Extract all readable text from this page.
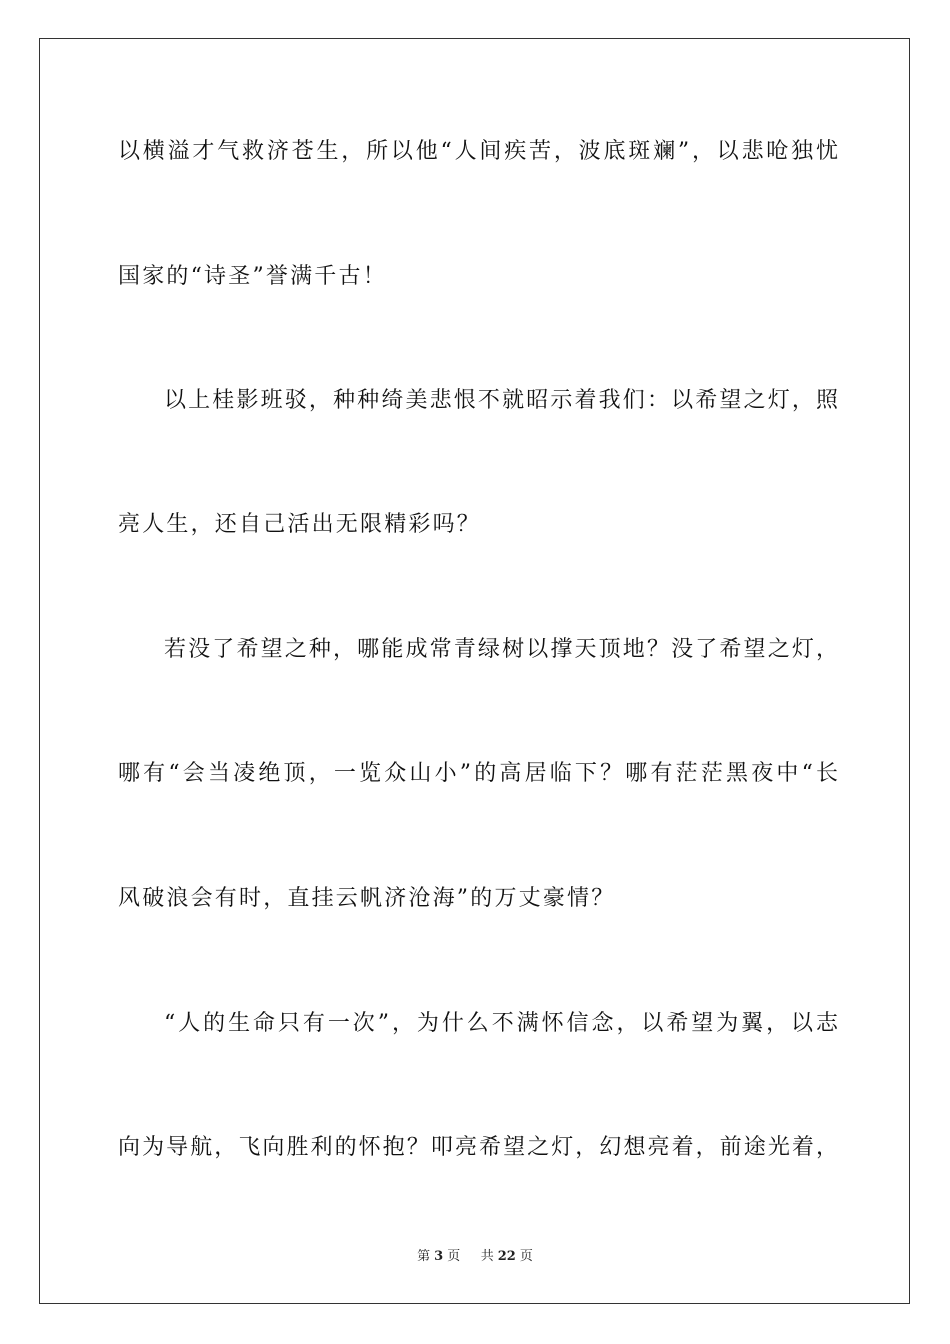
以横溢才气救济苍生，所以他“人间疾苦，波底斑斓”，以悲呛独忧
国家的“诗圣”誉满千古！
以上桂影班驳，种种绮美悲恨不就昭示着我们：以希望之灯，照
亮人生，还自己活出无限精彩吗？
若没了希望之种，哪能成常青绿树以撑天顶地？没了希望之灯，
哪有“会当凌绝顶，一览众山小”的高居临下？哪有茫茫黑夜中“长
风破浪会有时，直挂云帆济沧海”的万丈豪情？
“人的生命只有一次”，为什么不满怀信念，以希望为翼，以志
向为导航，飞向胜利的怀抱？叩亮希望之灯，幻想亮着，前途光着，
第 3 页 共 22 页
